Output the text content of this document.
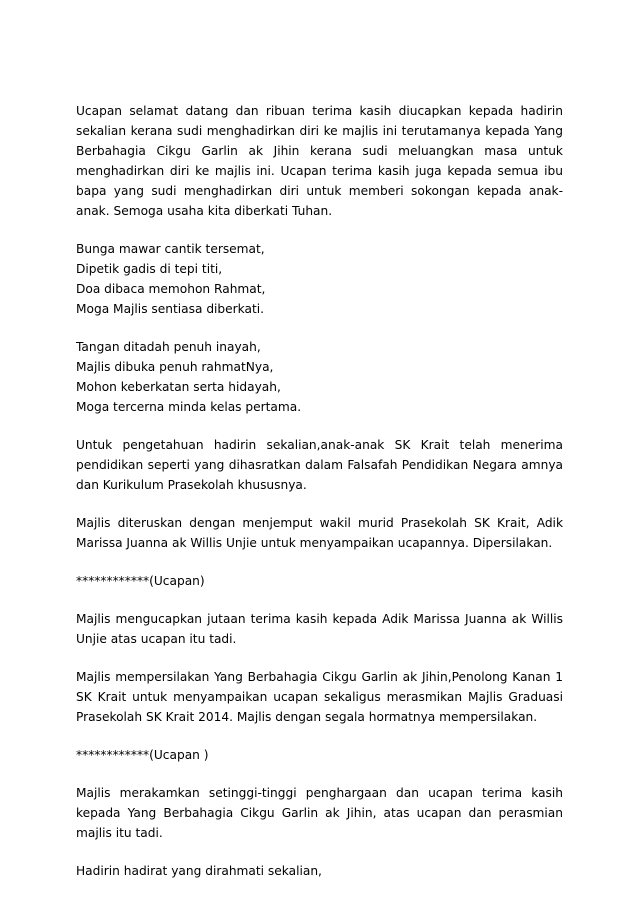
Ucapan selamat datang dan ribuan terima kasih diucapkan kepada hadirin sekalian kerana sudi menghadirkan diri ke majlis ini terutamanya kepada Yang Berbahagia Cikgu Garlin ak Jihin kerana sudi meluangkan masa untuk menghadirkan diri ke majlis ini. Ucapan terima kasih juga kepada semua ibu bapa yang sudi menghadirkan diri untuk memberi sokongan kepada anak-anak. Semoga usaha kita diberkati Tuhan.

Bunga mawar cantik tersemat,
Dipetik gadis di tepi titi,
Doa dibaca memohon Rahmat,
Moga Majlis sentiasa diberkati.

Tangan ditadah penuh inayah,
Majlis dibuka penuh rahmatNya,
Mohon keberkatan serta hidayah,
Moga tercerna minda kelas pertama.

Untuk pengetahuan hadirin sekalian,anak-anak SK Krait telah menerima pendidikan seperti yang dihasratkan dalam Falsafah Pendidikan Negara amnya dan Kurikulum Prasekolah khususnya.

Majlis diteruskan dengan menjemput wakil murid Prasekolah SK Krait, Adik Marissa Juanna ak Willis Unjie untuk menyampaikan ucapannya. Dipersilakan.

************(Ucapan)

Majlis mengucapkan jutaan terima kasih kepada Adik Marissa Juanna ak Willis Unjie atas ucapan itu tadi.

Majlis mempersilakan Yang Berbahagia Cikgu Garlin ak Jihin,Penolong Kanan 1 SK Krait untuk menyampaikan ucapan sekaligus merasmikan Majlis Graduasi Prasekolah SK Krait 2014. Majlis dengan segala hormatnya mempersilakan.

************(Ucapan )

Majlis merakamkan setinggi-tinggi penghargaan dan ucapan terima kasih kepada Yang Berbahagia Cikgu Garlin ak Jihin, atas ucapan dan perasmian majlis itu tadi.

Hadirin hadirat yang dirahmati sekalian,
